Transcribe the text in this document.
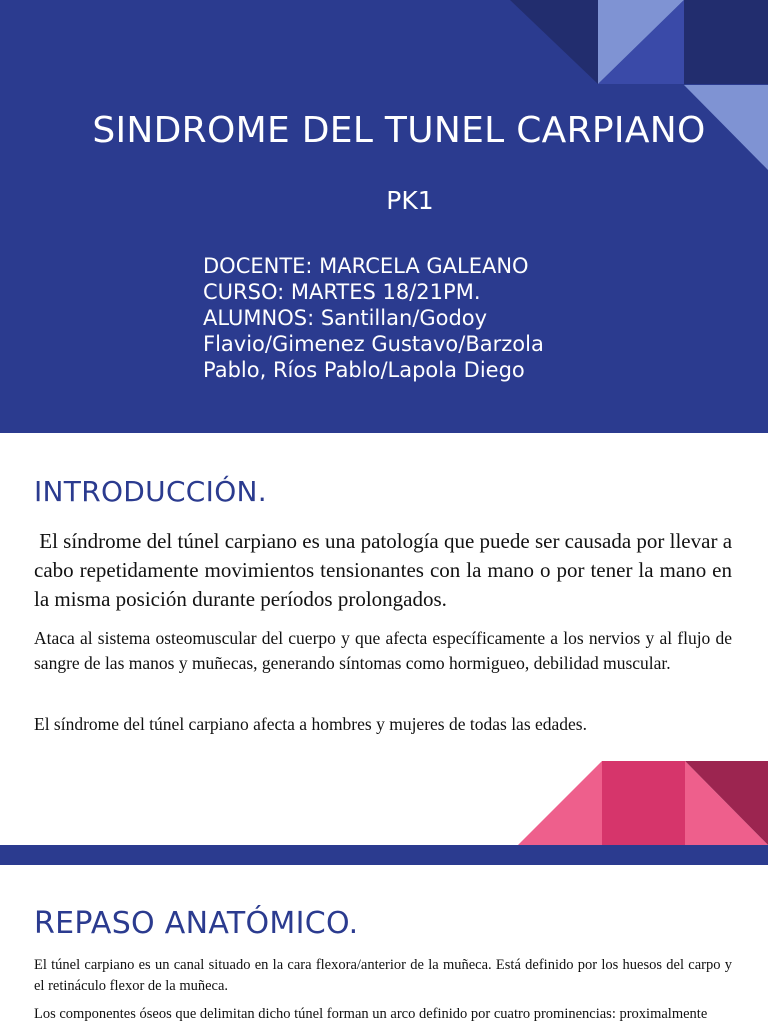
SINDROME DEL TUNEL CARPIANO
PK1
DOCENTE: MARCELA GALEANO
CURSO: MARTES 18/21PM.
ALUMNOS: Santillan/Godoy
Flavio/Gimenez Gustavo/Barzola
Pablo, Ríos Pablo/Lapola Diego
INTRODUCCIÓN.
El síndrome del túnel carpiano es una patología que puede ser causada por llevar a cabo repetidamente movimientos tensionantes con la mano o por tener la mano en la misma posición durante períodos prolongados.
Ataca al sistema osteomuscular del cuerpo y que afecta específicamente a los nervios y al flujo de sangre de las manos y muñecas, generando síntomas como hormigueo, debilidad muscular.
El síndrome del túnel carpiano afecta a hombres y mujeres de todas las edades.
REPASO ANATÓMICO.
El túnel carpiano es un canal situado en la cara flexora/anterior de la muñeca. Está definido por los huesos del carpo y el retináculo flexor de la muñeca.
Los componentes óseos que delimitan dicho túnel forman un arco definido por cuatro prominencias: proximalmente
